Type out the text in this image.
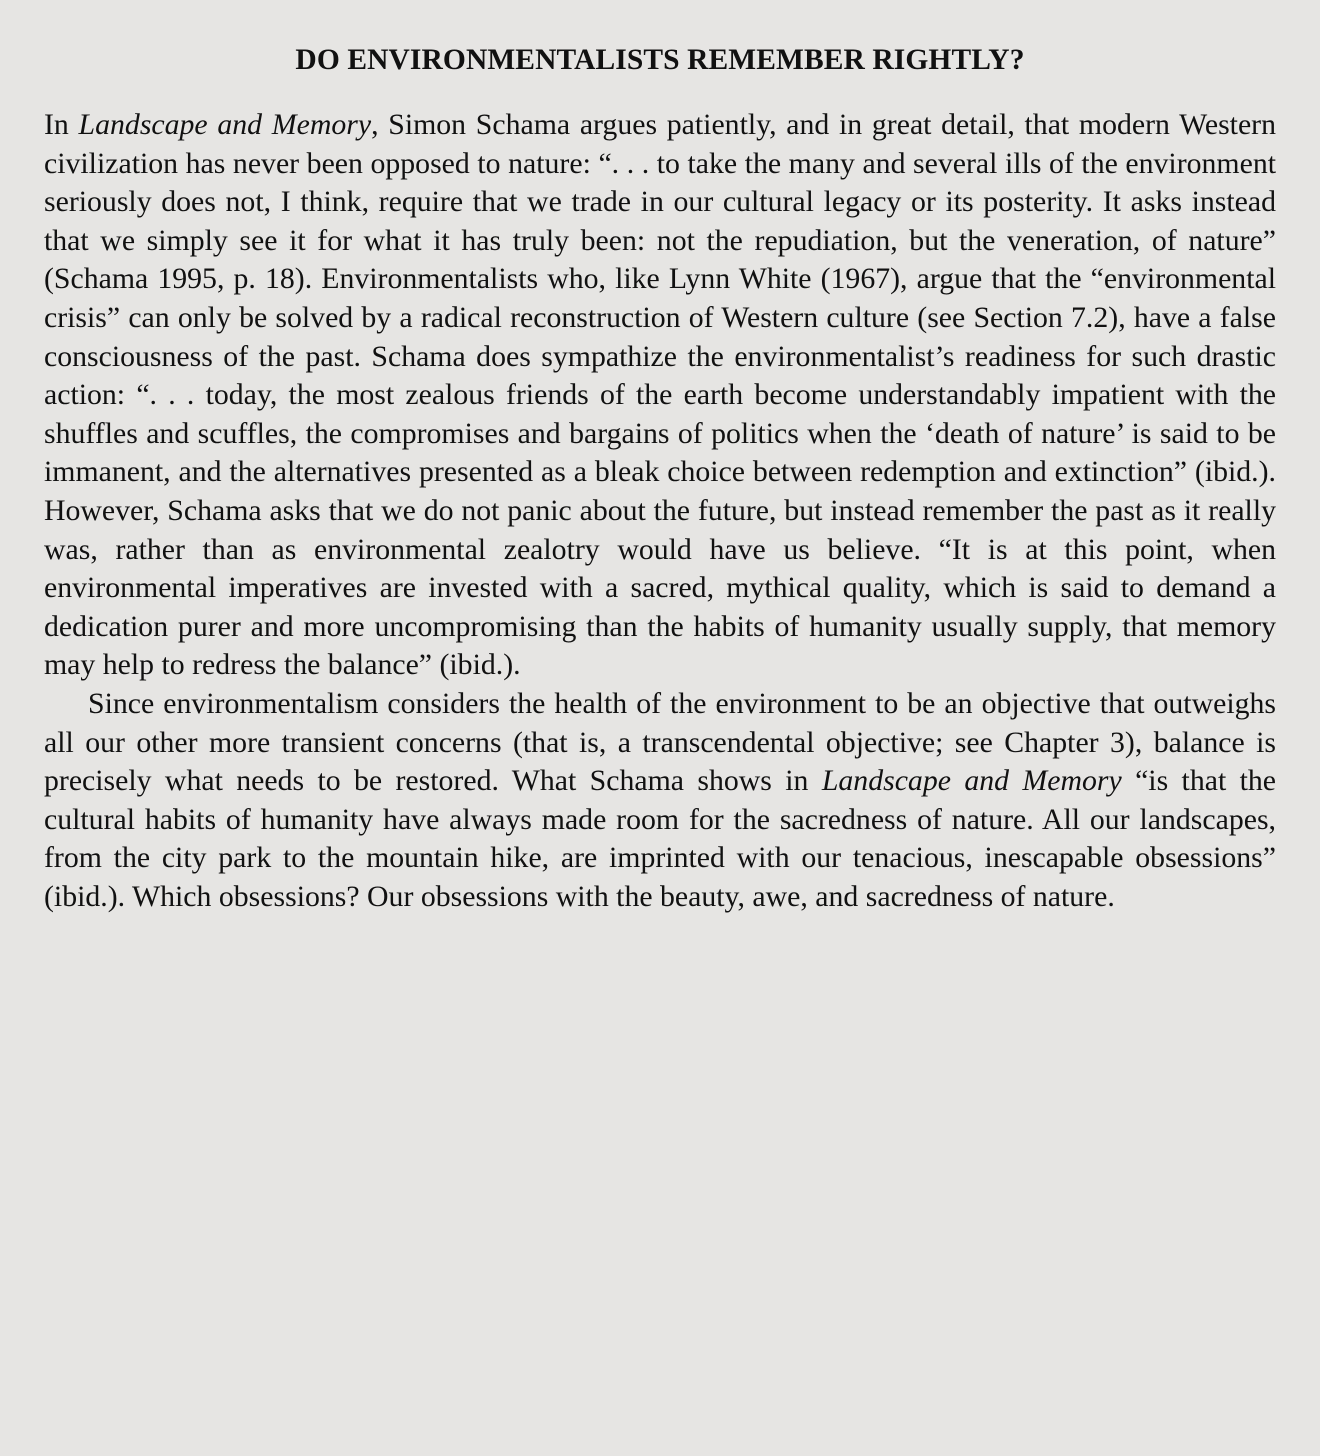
DO ENVIRONMENTALISTS REMEMBER RIGHTLY?

In Landscape and Memory, Simon Schama argues patiently, and in great detail, that modern Western civilization has never been opposed to nature: “. . . to take the many and several ills of the environment seriously does not, I think, require that we trade in our cultural legacy or its posterity. It asks instead that we simply see it for what it has truly been: not the repudiation, but the veneration, of nature” (Schama 1995, p. 18). Environmentalists who, like Lynn White (1967), argue that the “environmental crisis” can only be solved by a radical reconstruction of Western culture (see Section 7.2), have a false consciousness of the past. Schama does sympathize the environmentalist’s readiness for such drastic action: “. . . today, the most zealous friends of the earth become understandably impatient with the shuffles and scuffles, the compromises and bargains of politics when the ‘death of nature’ is said to be immanent, and the alternatives presented as a bleak choice between redemption and extinction” (ibid.). However, Schama asks that we do not panic about the future, but instead remember the past as it really was, rather than as environmental zealotry would have us believe. “It is at this point, when environmental imperatives are invested with a sacred, mythical quality, which is said to demand a dedication purer and more uncompromising than the habits of humanity usually supply, that memory may help to redress the balance” (ibid.).

Since environmentalism considers the health of the environment to be an objective that outweighs all our other more transient concerns (that is, a transcendental objective; see Chapter 3), balance is precisely what needs to be restored. What Schama shows in Landscape and Memory “is that the cultural habits of humanity have always made room for the sacredness of nature. All our landscapes, from the city park to the mountain hike, are imprinted with our tenacious, inescapable obsessions” (ibid.). Which obsessions? Our obsessions with the beauty, awe, and sacredness of nature.
